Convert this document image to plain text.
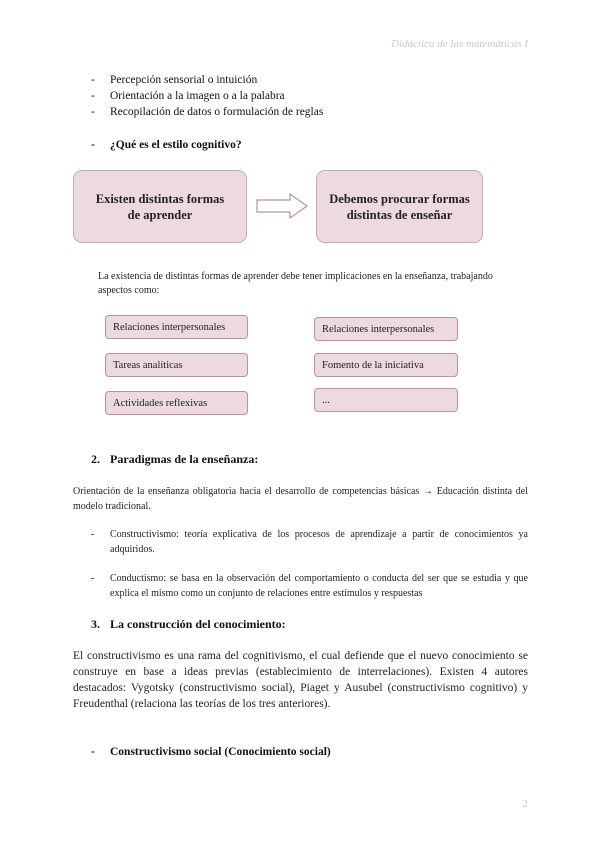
Didáctica de las matemáticas I
- Percepción sensorial o intuición
- Orientación a la imagen o a la palabra
- Recopilación de datos o formulación de reglas
- ¿Qué es el estilo cognitivo?
Existen distintas formas de aprender
Debemos procurar formas distintas de enseñar
La existencia de distintas formas de aprender debe tener implicaciones en la enseñanza, trabajando aspectos como:
Relaciones interpersonales
Tareas analíticas
Actividades reflexivas
Relaciones interpersonales
Fomento de la iniciativa
...
2. Paradigmas de la enseñanza:
Orientación de la enseñanza obligatoria hacia el desarrollo de competencias básicas → Educación distinta del modelo tradicional.
- Constructivismo: teoría explicativa de los procesos de aprendizaje a partir de conocimientos ya adquiridos.
- Conductismo: se basa en la observación del comportamiento o conducta del ser que se estudia y que explica el mismo como un conjunto de relaciones entre estímulos y respuestas
3. La construcción del conocimiento:
El constructivismo es una rama del cognitivismo, el cual defiende que el nuevo conocimiento se construye en base a ideas previas (establecimiento de interrelaciones). Existen 4 autores destacados: Vygotsky (constructivismo social), Piaget y Ausubel (constructivismo cognitivo) y Freudenthal (relaciona las teorías de los tres anteriores).
- Constructivismo social (Conocimiento social)
2
